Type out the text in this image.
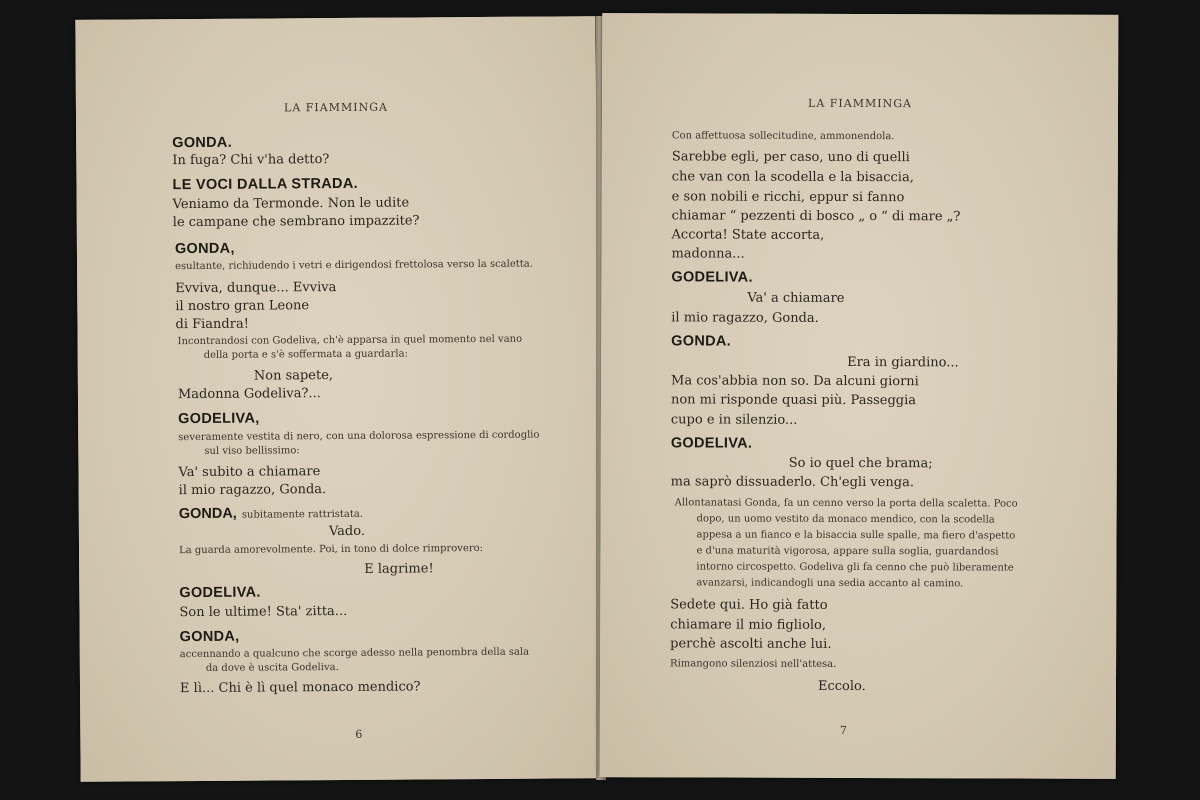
LA FIAMMINGA
GONDA, subitamente rattristata.
GONDA.
In fuga? Chi v'ha detto?
LE VOCI DALLA STRADA.
Veniamo da Termonde. Non le udite
le campane che sembrano impazzite?
GONDA,
esultante, richiudendo i vetri e dirigendosi frettolosa verso la scaletta.
Evviva, dunque... Evviva
il nostro gran Leone
di Fiandra!
Incontrandosi con Godeliva, ch'è apparsa in quel momento nel vano
della porta e s'è soffermata a guardarla:
Non sapete,
Madonna Godeliva?...
GODELIVA,
severamente vestita di nero, con una dolorosa espressione di cordoglio
sul viso bellissimo:
Va' subito a chiamare
il mio ragazzo, Gonda.
Vado.
La guarda amorevolmente. Poi, in tono di dolce rimprovero:
E lagrime!
GODELIVA.
Son le ultime! Sta' zitta...
GONDA,
accennando a qualcuno che scorge adesso nella penombra della sala
da dove è uscita Godeliva.
E lì... Chi è lì quel monaco mendico?
6
LA FIAMMINGA
Con affettuosa sollecitudine, ammonendola.
Sarebbe egli, per caso, uno di quelli
che van con la scodella e la bisaccia,
e son nobili e ricchi, eppur si fanno
chiamar “ pezzenti di bosco „ o “ di mare „?
Accorta! State accorta,
madonna...
GODELIVA.
Va' a chiamare
il mio ragazzo, Gonda.
GONDA.
Era in giardino...
Ma cos'abbia non so. Da alcuni giorni
non mi risponde quasi più. Passeggia
cupo e in silenzio...
GODELIVA.
So io quel che brama;
ma saprò dissuaderlo. Ch'egli venga.
Allontanatasi Gonda, fa un cenno verso la porta della scaletta. Poco
dopo, un uomo vestito da monaco mendico, con la scodella
appesa a un fianco e la bisaccia sulle spalle, ma fiero d'aspetto
e d'una maturità vigorosa, appare sulla soglia, guardandosi
intorno circospetto. Godeliva gli fa cenno che può liberamente
avanzarsi, indicandogli una sedia accanto al camino.
Sedete qui. Ho già fatto
chiamare il mio figliolo,
perchè ascolti anche lui.
Rimangono silenziosi nell'attesa.
Eccolo.
7
